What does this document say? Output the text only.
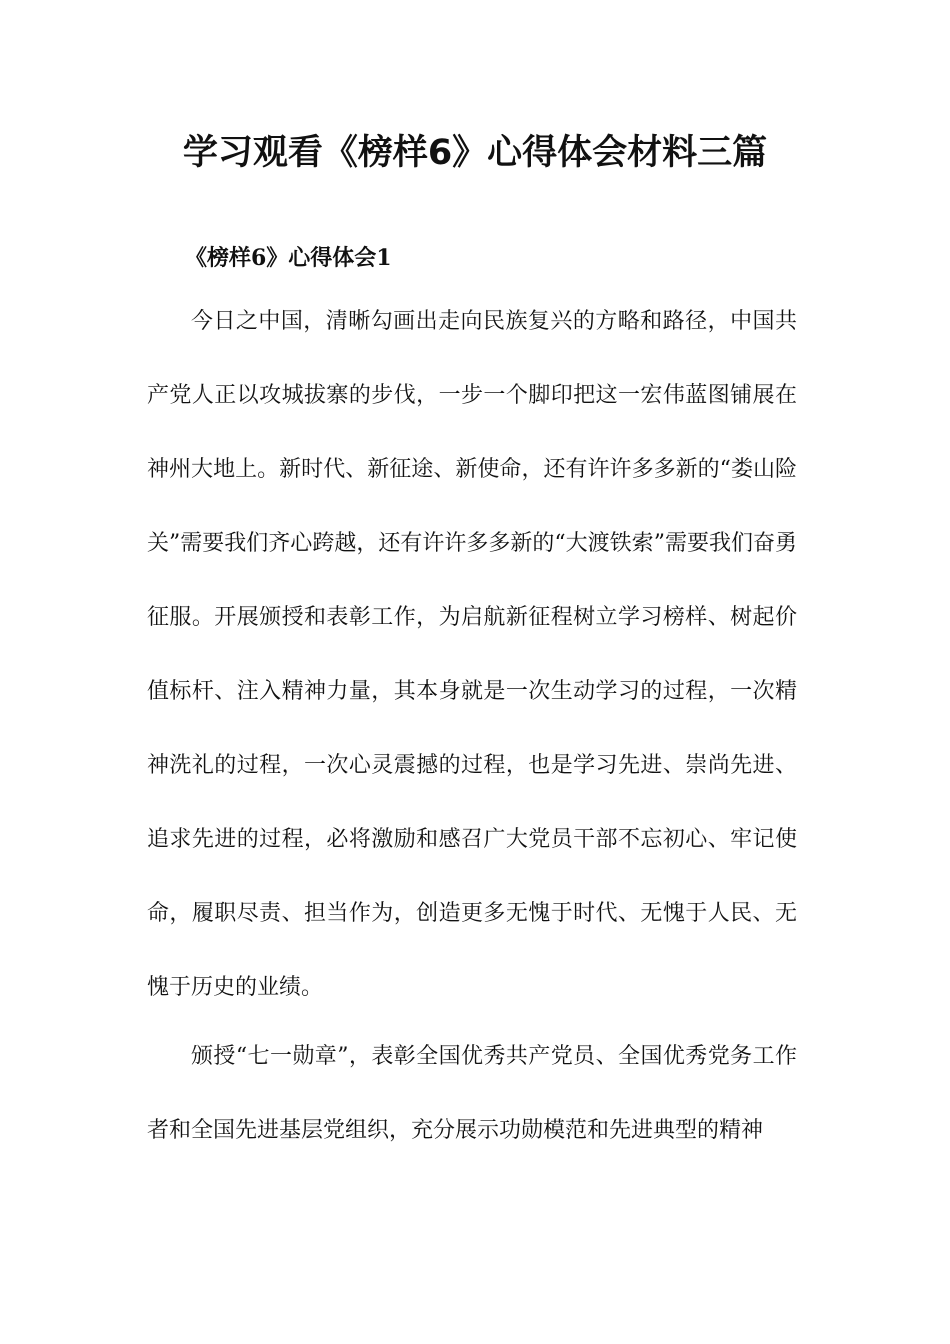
学习观看《榜样6》心得体会材料三篇

《榜样6》心得体会1

今日之中国，清晰勾画出走向民族复兴的方略和路径，中国共产党人正以攻城拔寨的步伐，一步一个脚印把这一宏伟蓝图铺展在神州大地上。新时代、新征途、新使命，还有许许多多新的“娄山险关”需要我们齐心跨越，还有许许多多新的“大渡铁索”需要我们奋勇征服。开展颁授和表彰工作，为启航新征程树立学习榜样、树起价值标杆、注入精神力量，其本身就是一次生动学习的过程，一次精神洗礼的过程，一次心灵震撼的过程，也是学习先进、崇尚先进、追求先进的过程，必将激励和感召广大党员干部不忘初心、牢记使命，履职尽责、担当作为，创造更多无愧于时代、无愧于人民、无愧于历史的业绩。

颁授“七一勋章”，表彰全国优秀共产党员、全国优秀党务工作者和全国先进基层党组织，充分展示功勋模范和先进典型的精神
